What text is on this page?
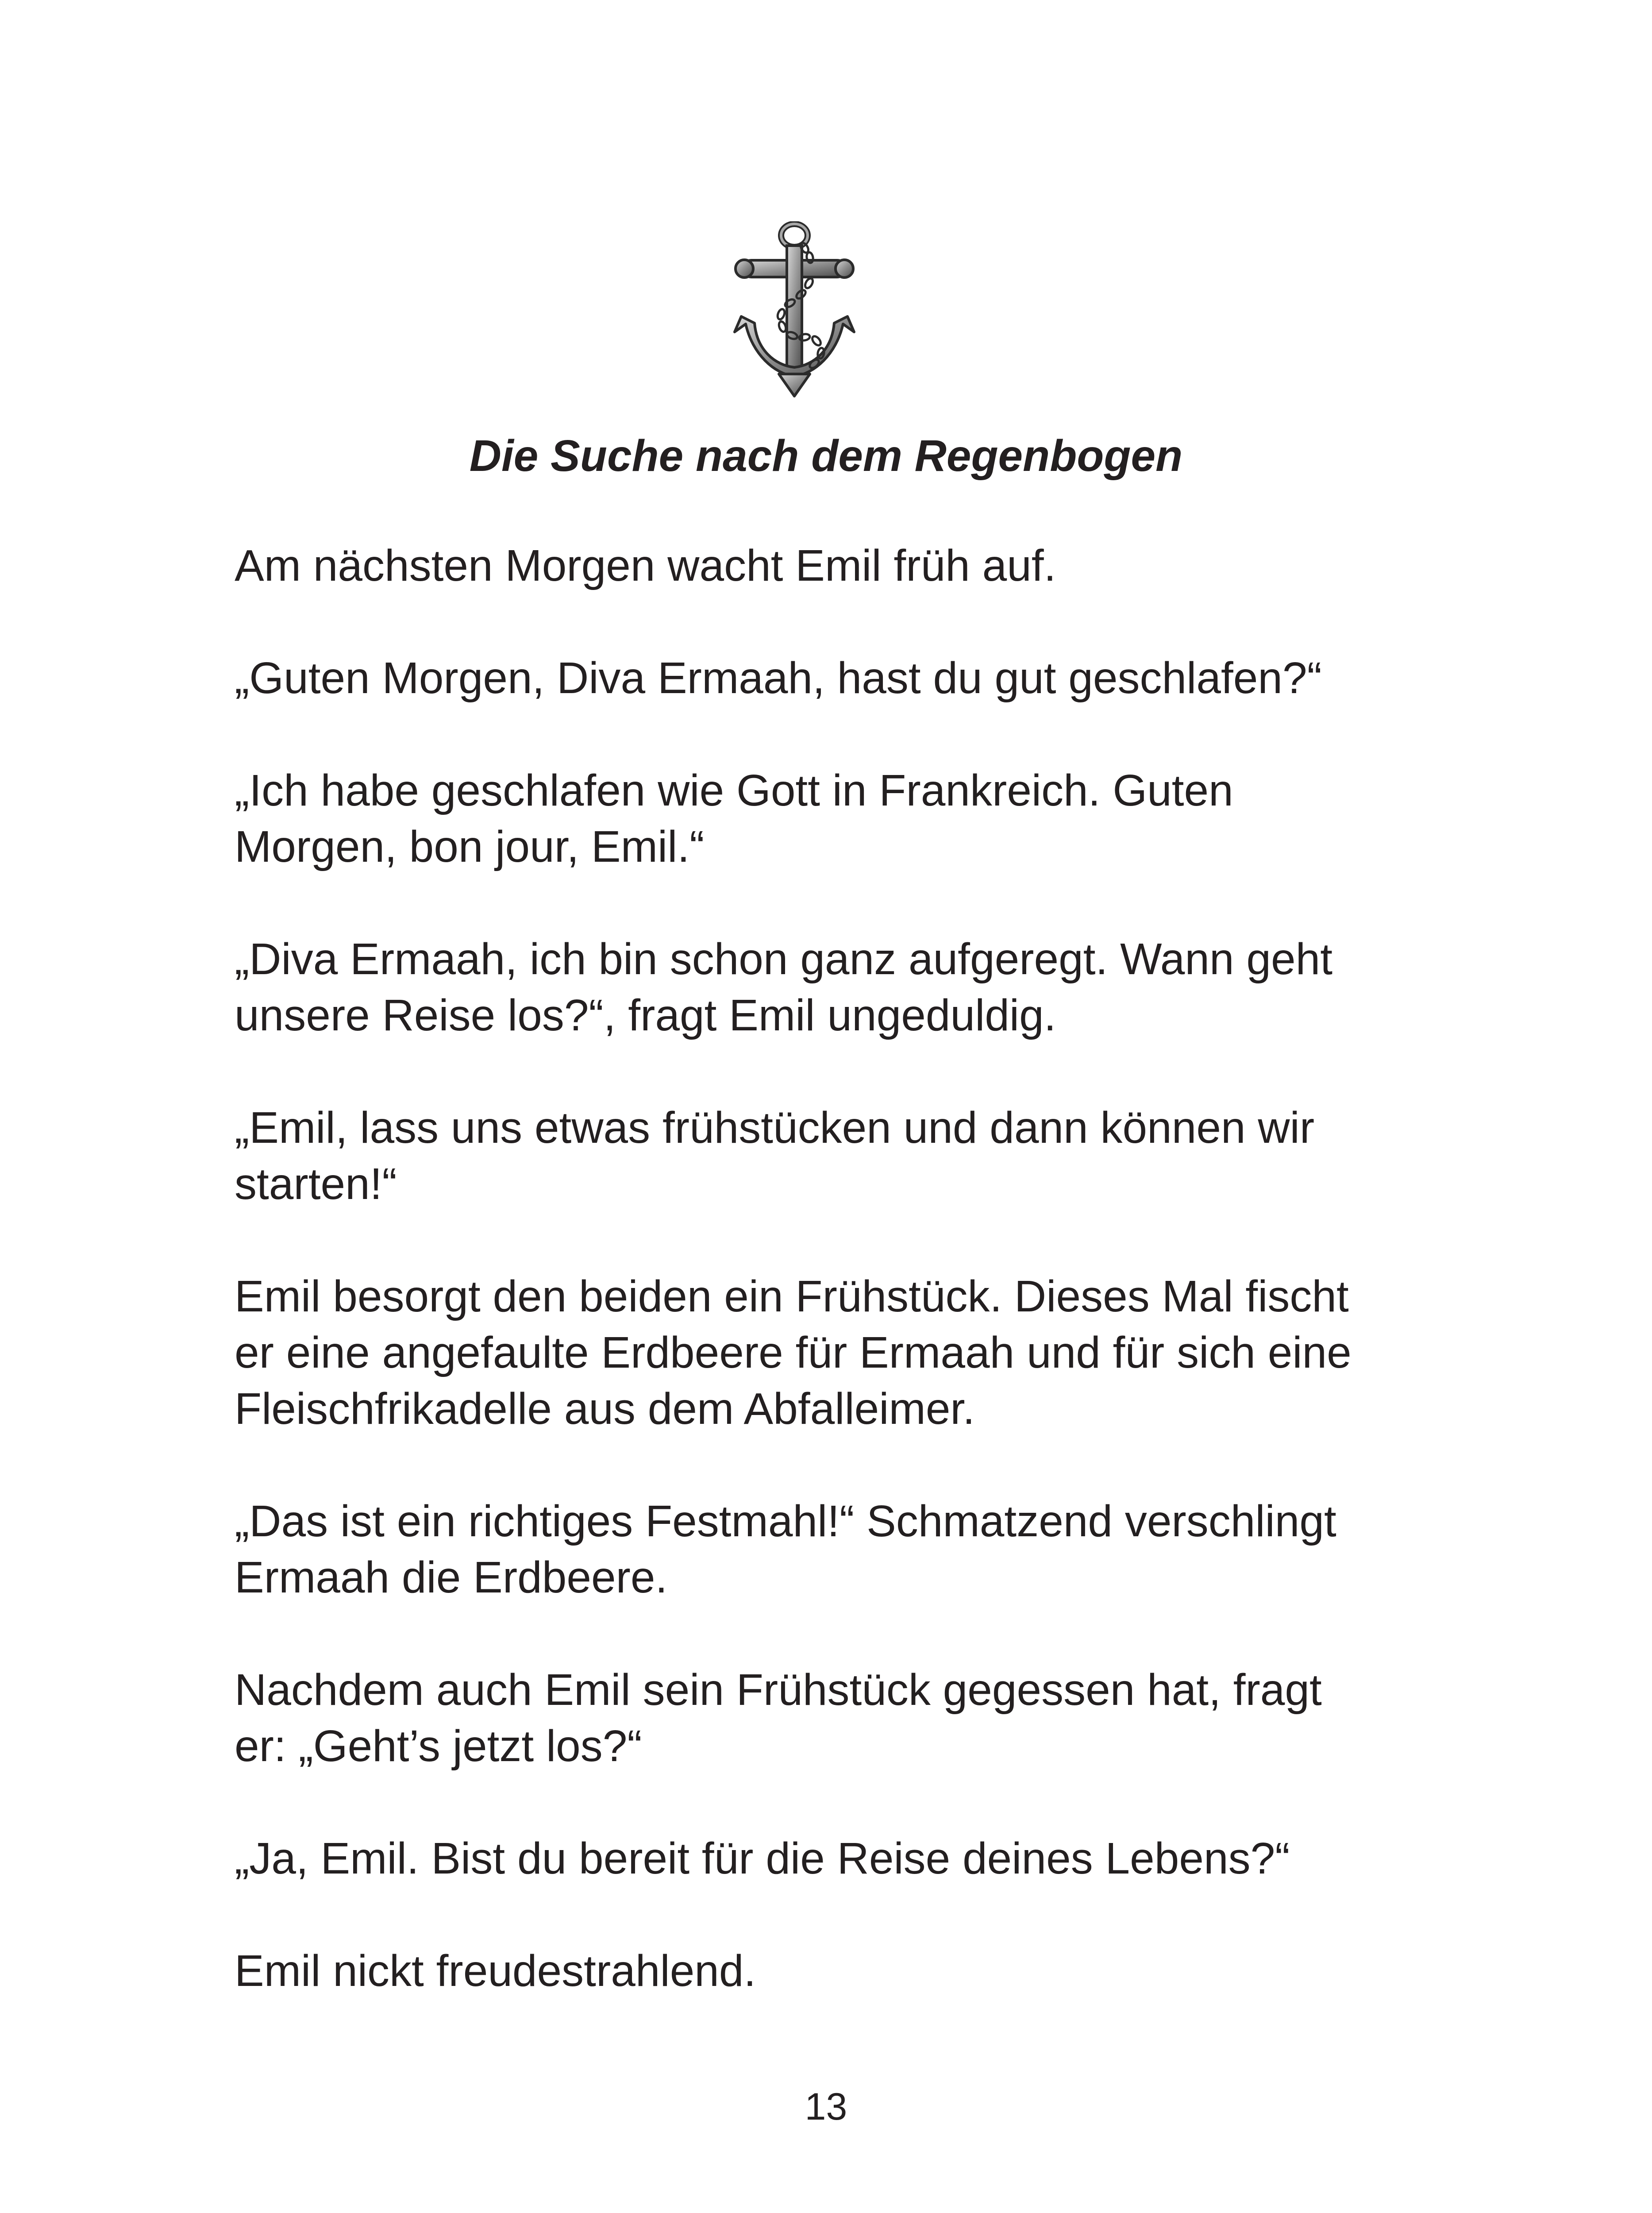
Die Suche nach dem Regenbogen

Am nächsten Morgen wacht Emil früh auf.

„Guten Morgen, Diva Ermaah, hast du gut geschlafen?“

„Ich habe geschlafen wie Gott in Frankreich. Guten
Morgen, bon jour, Emil.“

„Diva Ermaah, ich bin schon ganz aufgeregt. Wann geht
unsere Reise los?“, fragt Emil ungeduldig.

„Emil, lass uns etwas frühstücken und dann können wir
starten!“

Emil besorgt den beiden ein Frühstück. Dieses Mal fischt
er eine angefaulte Erdbeere für Ermaah und für sich eine
Fleischfrikadelle aus dem Abfalleimer.

„Das ist ein richtiges Festmahl!“ Schmatzend verschlingt
Ermaah die Erdbeere.

Nachdem auch Emil sein Frühstück gegessen hat, fragt
er: „Geht’s jetzt los?“

„Ja, Emil. Bist du bereit für die Reise deines Lebens?“

Emil nickt freudestrahlend.

13
